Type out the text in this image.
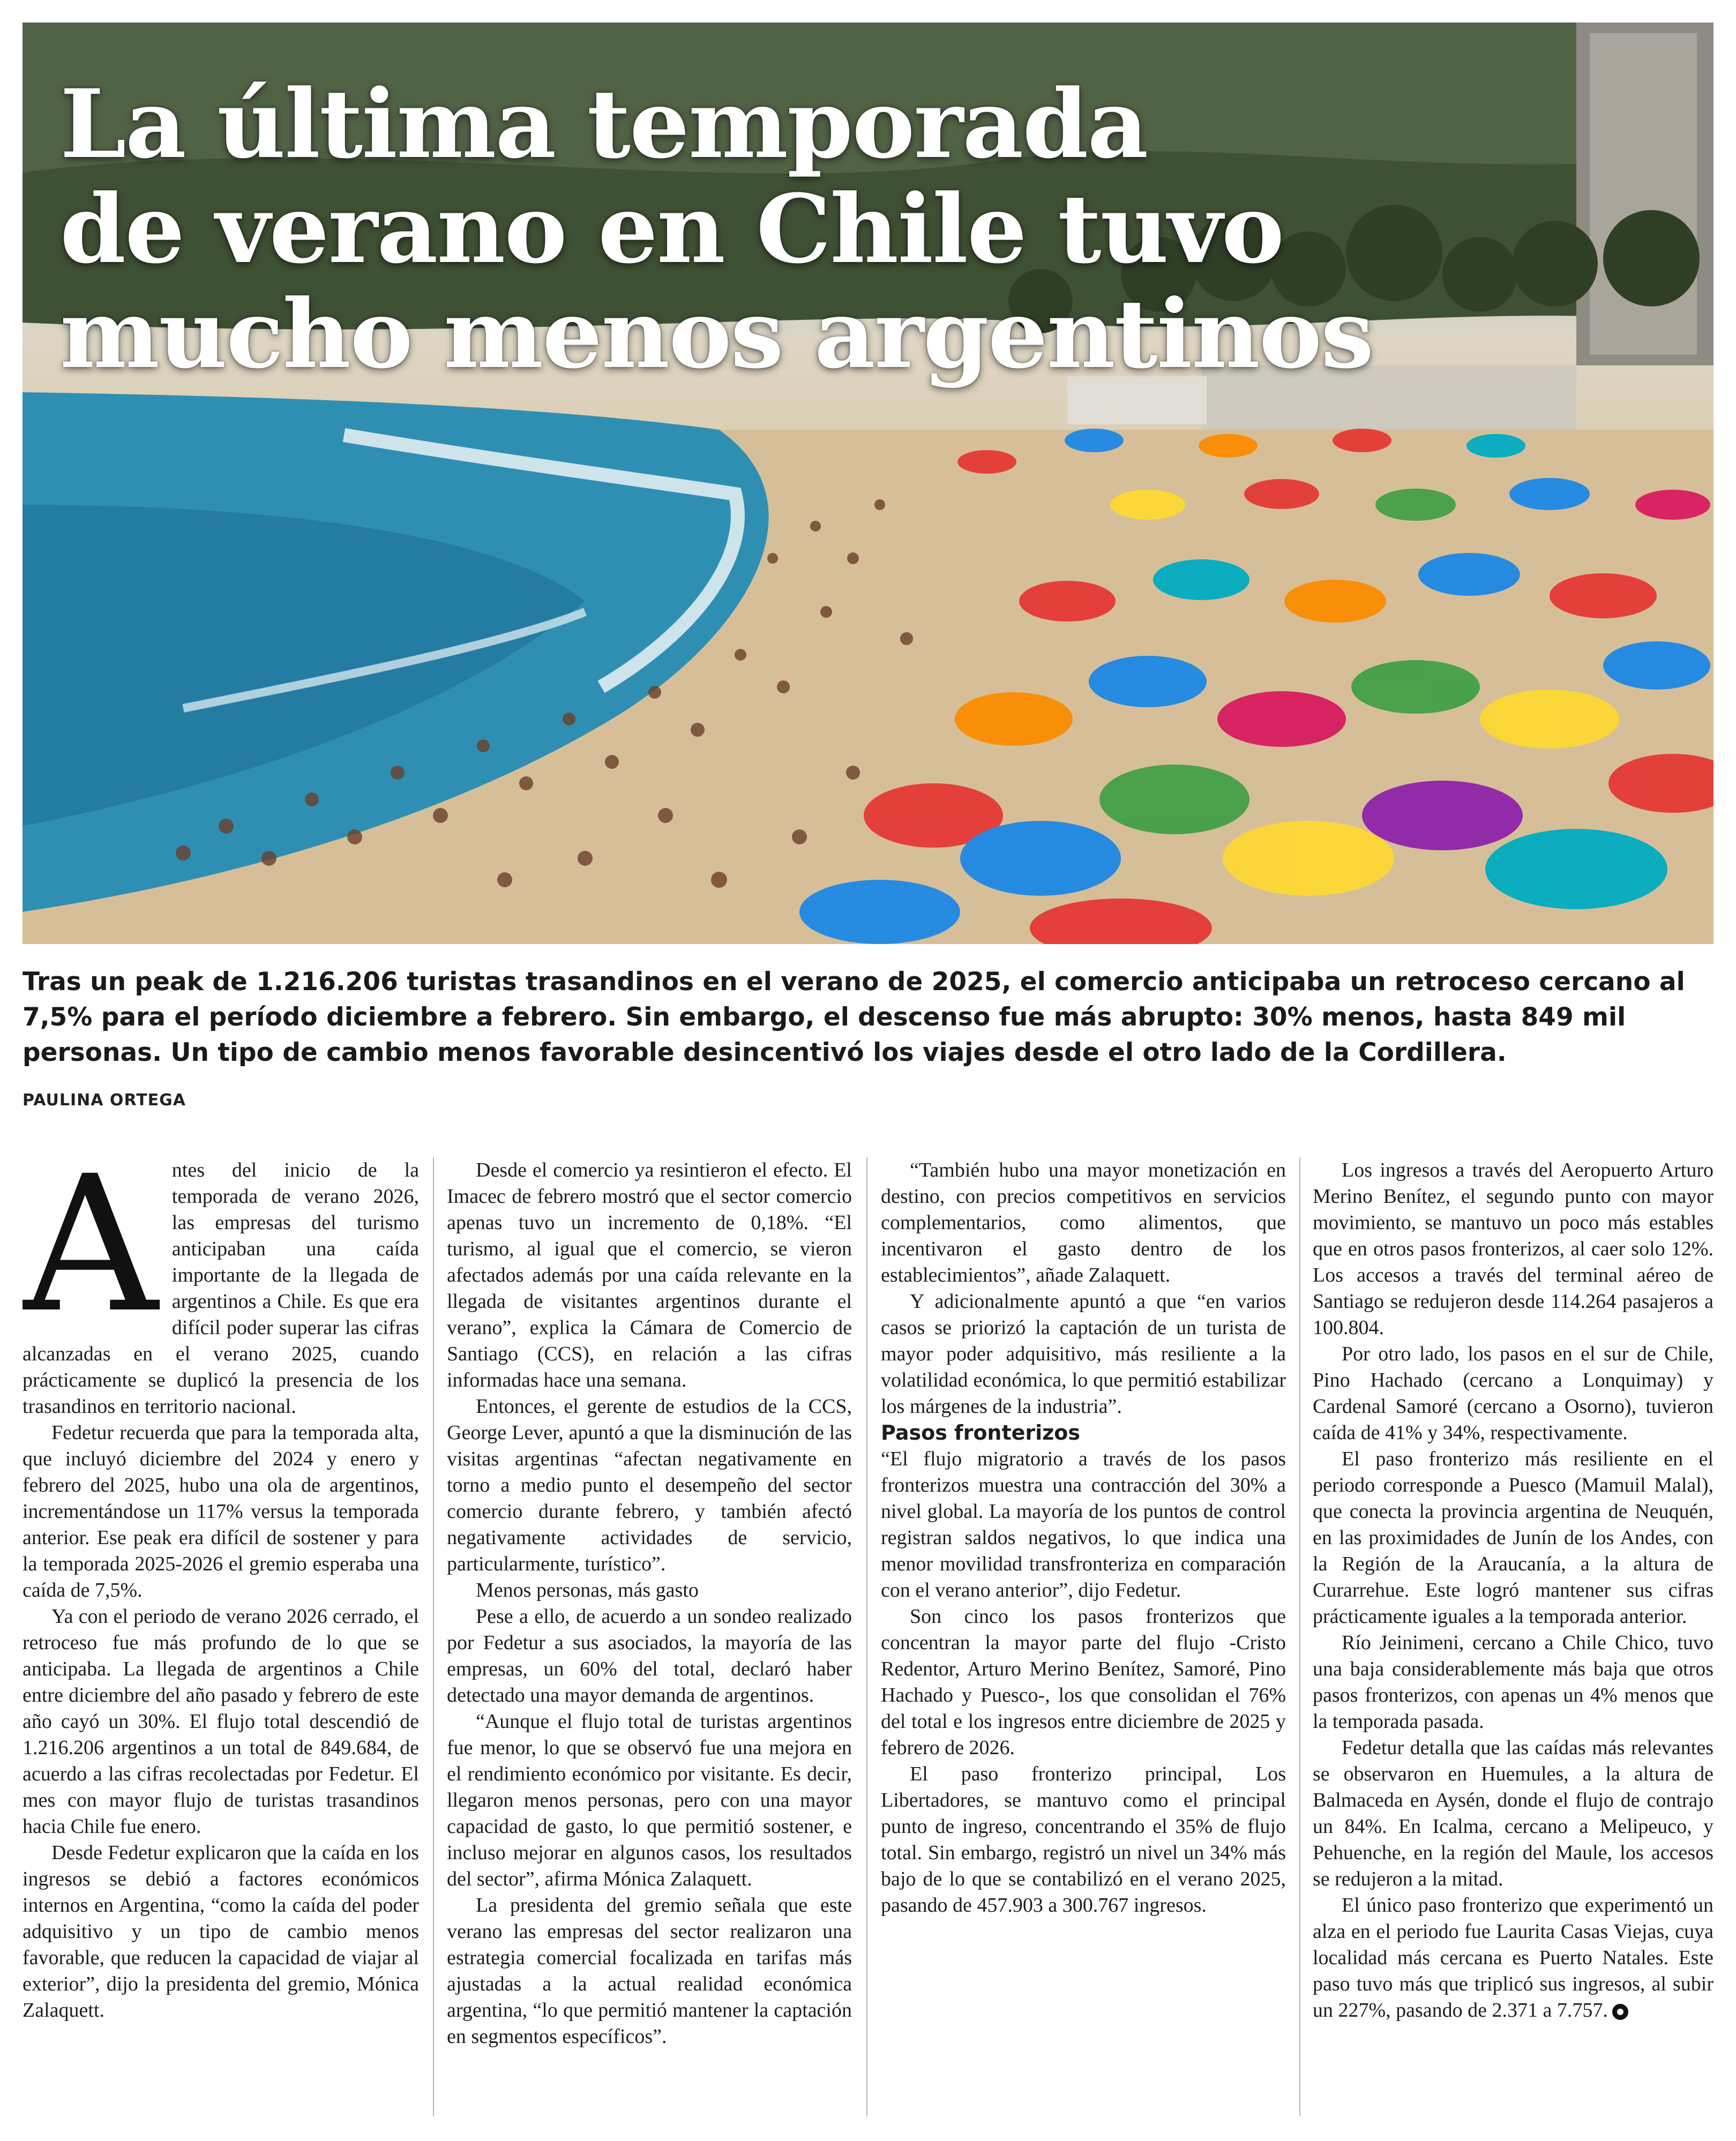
La última temporada
de verano en Chile tuvo
mucho menos argentinos

Tras un peak de 1.216.206 turistas trasandinos en el verano de 2025, el comercio anticipaba un retroceso cercano al 7,5% para el período diciembre a febrero. Sin embargo, el descenso fue más abrupto: 30% menos, hasta 849 mil personas. Un tipo de cambio menos favorable desincentivó los viajes desde el otro lado de la Cordillera.

PAULINA ORTEGA

A ntes del inicio de la temporada de verano 2026, las empresas del turismo anticipaban una caída importante de la llegada de argentinos a Chile. Es que era difícil poder superar las cifras alcanzadas en el verano 2025, cuando prácticamente se duplicó la presencia de los trasandinos en territorio nacional.

Fedetur recuerda que para la temporada alta, que incluyó diciembre del 2024 y enero y febrero del 2025, hubo una ola de argentinos, incrementándose un 117% versus la temporada anterior. Ese peak era difícil de sostener y para la temporada 2025-2026 el gremio esperaba una caída de 7,5%.

Ya con el periodo de verano 2026 cerrado, el retroceso fue más profundo de lo que se anticipaba. La llegada de argentinos a Chile entre diciembre del año pasado y febrero de este año cayó un 30%. El flujo total descendió de 1.216.206 argentinos a un total de 849.684, de acuerdo a las cifras recolectadas por Fedetur. El mes con mayor flujo de turistas trasandinos hacia Chile fue enero.

Desde Fedetur explicaron que la caída en los ingresos se debió a factores económicos internos en Argentina, “como la caída del poder adquisitivo y un tipo de cambio menos favorable, que reducen la capacidad de viajar al exterior”, dijo la presidenta del gremio, Mónica Zalaquett.

Desde el comercio ya resintieron el efecto. El Imacec de febrero mostró que el sector comercio apenas tuvo un incremento de 0,18%. “El turismo, al igual que el comercio, se vieron afectados además por una caída relevante en la llegada de visitantes argentinos durante el verano”, explica la Cámara de Comercio de Santiago (CCS), en relación a las cifras informadas hace una semana.

Entonces, el gerente de estudios de la CCS, George Lever, apuntó a que la disminución de las visitas argentinas “afectan negativamente en torno a medio punto el desempeño del sector comercio durante febrero, y también afectó negativamente actividades de servicio, particularmente, turístico”.

Menos personas, más gasto

Pese a ello, de acuerdo a un sondeo realizado por Fedetur a sus asociados, la mayoría de las empresas, un 60% del total, declaró haber detectado una mayor demanda de argentinos.

“Aunque el flujo total de turistas argentinos fue menor, lo que se observó fue una mejora en el rendimiento económico por visitante. Es decir, llegaron menos personas, pero con una mayor capacidad de gasto, lo que permitió sostener, e incluso mejorar en algunos casos, los resultados del sector”, afirma Mónica Zalaquett.

La presidenta del gremio señala que este verano las empresas del sector realizaron una estrategia comercial focalizada en tarifas más ajustadas a la actual realidad económica argentina, “lo que permitió mantener la captación en segmentos específicos”.

“También hubo una mayor monetización en destino, con precios competitivos en servicios complementarios, como alimentos, que incentivaron el gasto dentro de los establecimientos”, añade Zalaquett.

Y adicionalmente apuntó a que “en varios casos se priorizó la captación de un turista de mayor poder adquisitivo, más resiliente a la volatilidad económica, lo que permitió estabilizar los márgenes de la industria”.

Pasos fronterizos

“El flujo migratorio a través de los pasos fronterizos muestra una contracción del 30% a nivel global. La mayoría de los puntos de control registran saldos negativos, lo que indica una menor movilidad transfronteriza en comparación con el verano anterior”, dijo Fedetur.

Son cinco los pasos fronterizos que concentran la mayor parte del flujo -Cristo Redentor, Arturo Merino Benítez, Samoré, Pino Hachado y Puesco-, los que consolidan el 76% del total e los ingresos entre diciembre de 2025 y febrero de 2026.

El paso fronterizo principal, Los Libertadores, se mantuvo como el principal punto de ingreso, concentrando el 35% de flujo total. Sin embargo, registró un nivel un 34% más bajo de lo que se contabilizó en el verano 2025, pasando de 457.903 a 300.767 ingresos.

Los ingresos a través del Aeropuerto Arturo Merino Benítez, el segundo punto con mayor movimiento, se mantuvo un poco más estables que en otros pasos fronterizos, al caer solo 12%. Los accesos a través del terminal aéreo de Santiago se redujeron desde 114.264 pasajeros a 100.804.

Por otro lado, los pasos en el sur de Chile, Pino Hachado (cercano a Lonquimay) y Cardenal Samoré (cercano a Osorno), tuvieron caída de 41% y 34%, respectivamente.

El paso fronterizo más resiliente en el periodo corresponde a Puesco (Mamuil Malal), que conecta la provincia argentina de Neuquén, en las proximidades de Junín de los Andes, con la Región de la Araucanía, a la altura de Curarrehue. Este logró mantener sus cifras prácticamente iguales a la temporada anterior.

Río Jeinimeni, cercano a Chile Chico, tuvo una baja considerablemente más baja que otros pasos fronterizos, con apenas un 4% menos que la temporada pasada.

Fedetur detalla que las caídas más relevantes se observaron en Huemules, a la altura de Balmaceda en Aysén, donde el flujo de contrajo un 84%. En Icalma, cercano a Melipeuco, y Pehuenche, en la región del Maule, los accesos se redujeron a la mitad.

El único paso fronterizo que experimentó un alza en el periodo fue Laurita Casas Viejas, cuya localidad más cercana es Puerto Natales. Este paso tuvo más que triplicó sus ingresos, al subir un 227%, pasando de 2.371 a 7.757.
